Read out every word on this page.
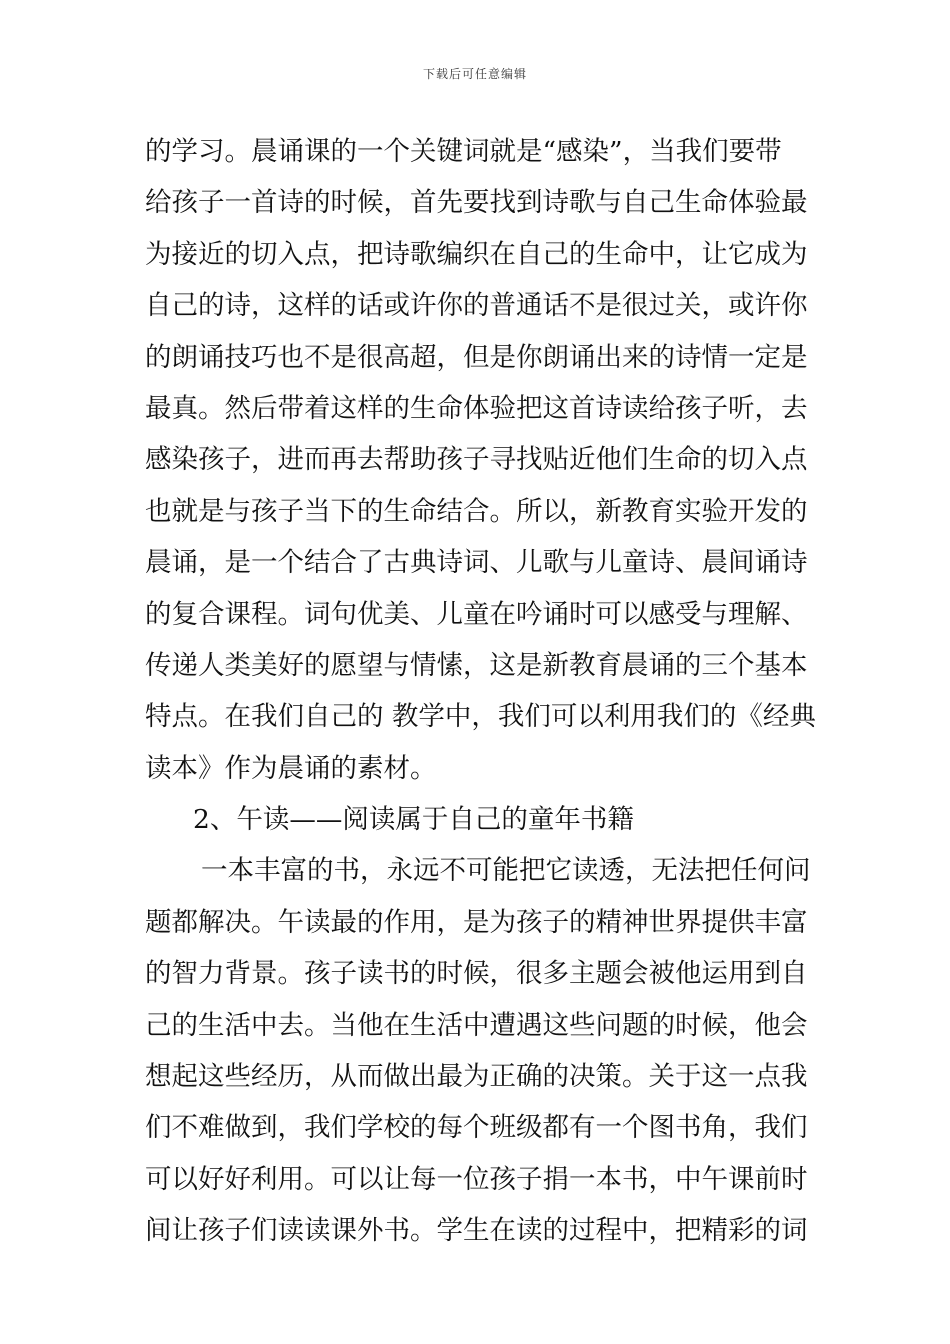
下载后可任意编辑
的学习。晨诵课的一个关键词就是“感染”，当我们要带
给孩子一首诗的时候，首先要找到诗歌与自己生命体验最
为接近的切入点，把诗歌编织在自己的生命中，让它成为
自己的诗，这样的话或许你的普通话不是很过关，或许你
的朗诵技巧也不是很高超，但是你朗诵出来的诗情一定是
最真。然后带着这样的生命体验把这首诗读给孩子听，去
感染孩子，进而再去帮助孩子寻找贴近他们生命的切入点
也就是与孩子当下的生命结合。所以，新教育实验开发的
晨诵，是一个结合了古典诗词、儿歌与儿童诗、晨间诵诗
的复合课程。词句优美、儿童在吟诵时可以感受与理解、
传递人类美好的愿望与情愫，这是新教育晨诵的三个基本
特点。在我们自己的 教学中，我们可以利用我们的《经典
读本》作为晨诵的素材。
2、午读——阅读属于自己的童年书籍
一本丰富的书，永远不可能把它读透，无法把任何问
题都解决。午读最的作用，是为孩子的精神世界提供丰富
的智力背景。孩子读书的时候，很多主题会被他运用到自
己的生活中去。当他在生活中遭遇这些问题的时候，他会
想起这些经历，从而做出最为正确的决策。关于这一点我
们不难做到，我们学校的每个班级都有一个图书角，我们
可以好好利用。可以让每一位孩子捐一本书，中午课前时
间让孩子们读读课外书。学生在读的过程中，把精彩的词
